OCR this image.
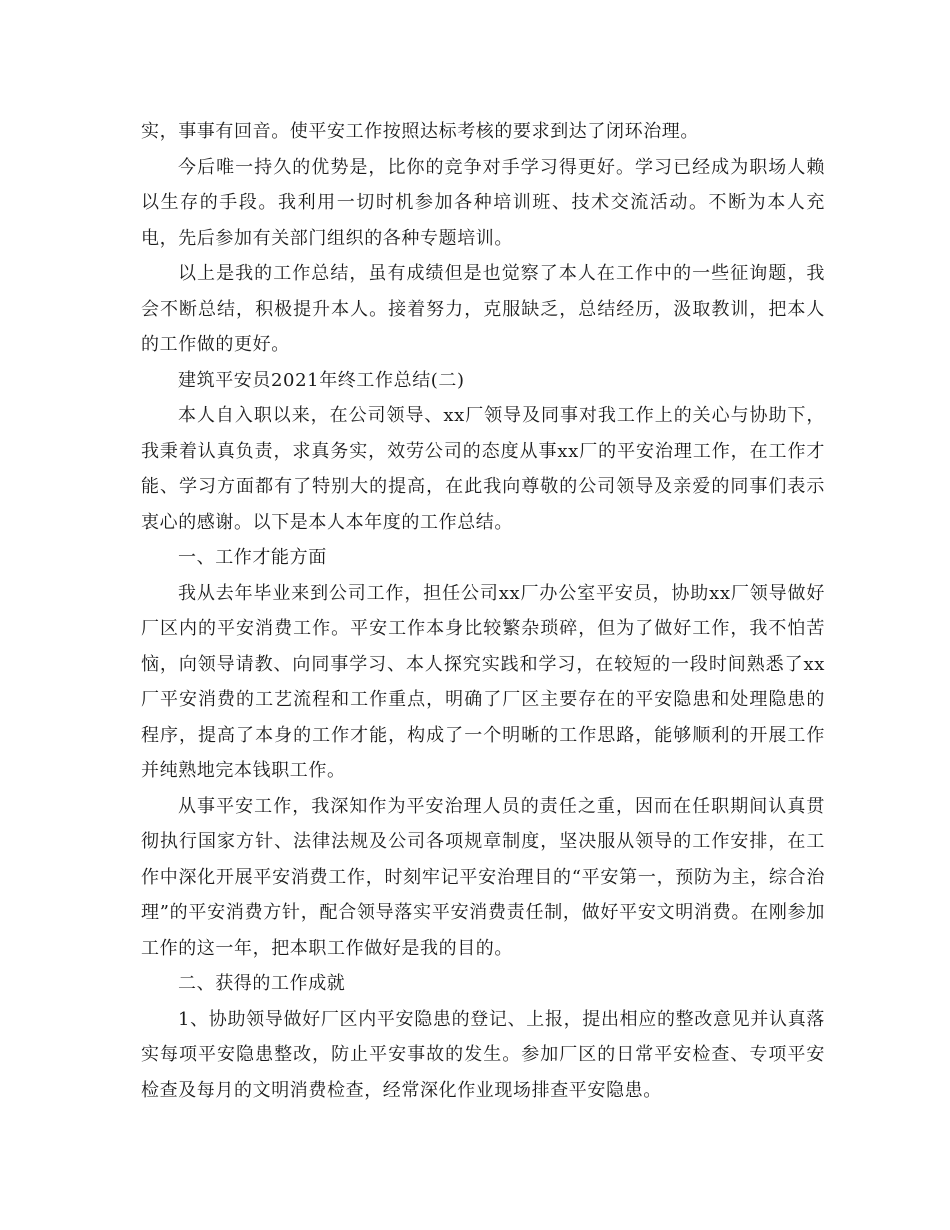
实，事事有回音。使平安工作按照达标考核的要求到达了闭环治理。

今后唯一持久的优势是，比你的竞争对手学习得更好。学习已经成为职场人赖以生存的手段。我利用一切时机参加各种培训班、技术交流活动。不断为本人充电，先后参加有关部门组织的各种专题培训。

以上是我的工作总结，虽有成绩但是也觉察了本人在工作中的一些征询题，我会不断总结，积极提升本人。接着努力，克服缺乏，总结经历，汲取教训，把本人的工作做的更好。

建筑平安员2021年终工作总结(二)

本人自入职以来，在公司领导、xx厂领导及同事对我工作上的关心与协助下，我秉着认真负责，求真务实，效劳公司的态度从事xx厂的平安治理工作，在工作才能、学习方面都有了特别大的提高，在此我向尊敬的公司领导及亲爱的同事们表示衷心的感谢。以下是本人本年度的工作总结。

一、工作才能方面

我从去年毕业来到公司工作，担任公司xx厂办公室平安员，协助xx厂领导做好厂区内的平安消费工作。平安工作本身比较繁杂琐碎，但为了做好工作，我不怕苦恼，向领导请教、向同事学习、本人探究实践和学习，在较短的一段时间熟悉了xx厂平安消费的工艺流程和工作重点，明确了厂区主要存在的平安隐患和处理隐患的程序，提高了本身的工作才能，构成了一个明晰的工作思路，能够顺利的开展工作并纯熟地完本钱职工作。

从事平安工作，我深知作为平安治理人员的责任之重，因而在任职期间认真贯彻执行国家方针、法律法规及公司各项规章制度，坚决服从领导的工作安排，在工作中深化开展平安消费工作，时刻牢记平安治理目的“平安第一，预防为主，综合治理”的平安消费方针，配合领导落实平安消费责任制，做好平安文明消费。在刚参加工作的这一年，把本职工作做好是我的目的。

二、获得的工作成就

1、协助领导做好厂区内平安隐患的登记、上报，提出相应的整改意见并认真落实每项平安隐患整改，防止平安事故的发生。参加厂区的日常平安检查、专项平安检查及每月的文明消费检查，经常深化作业现场排查平安隐患。
